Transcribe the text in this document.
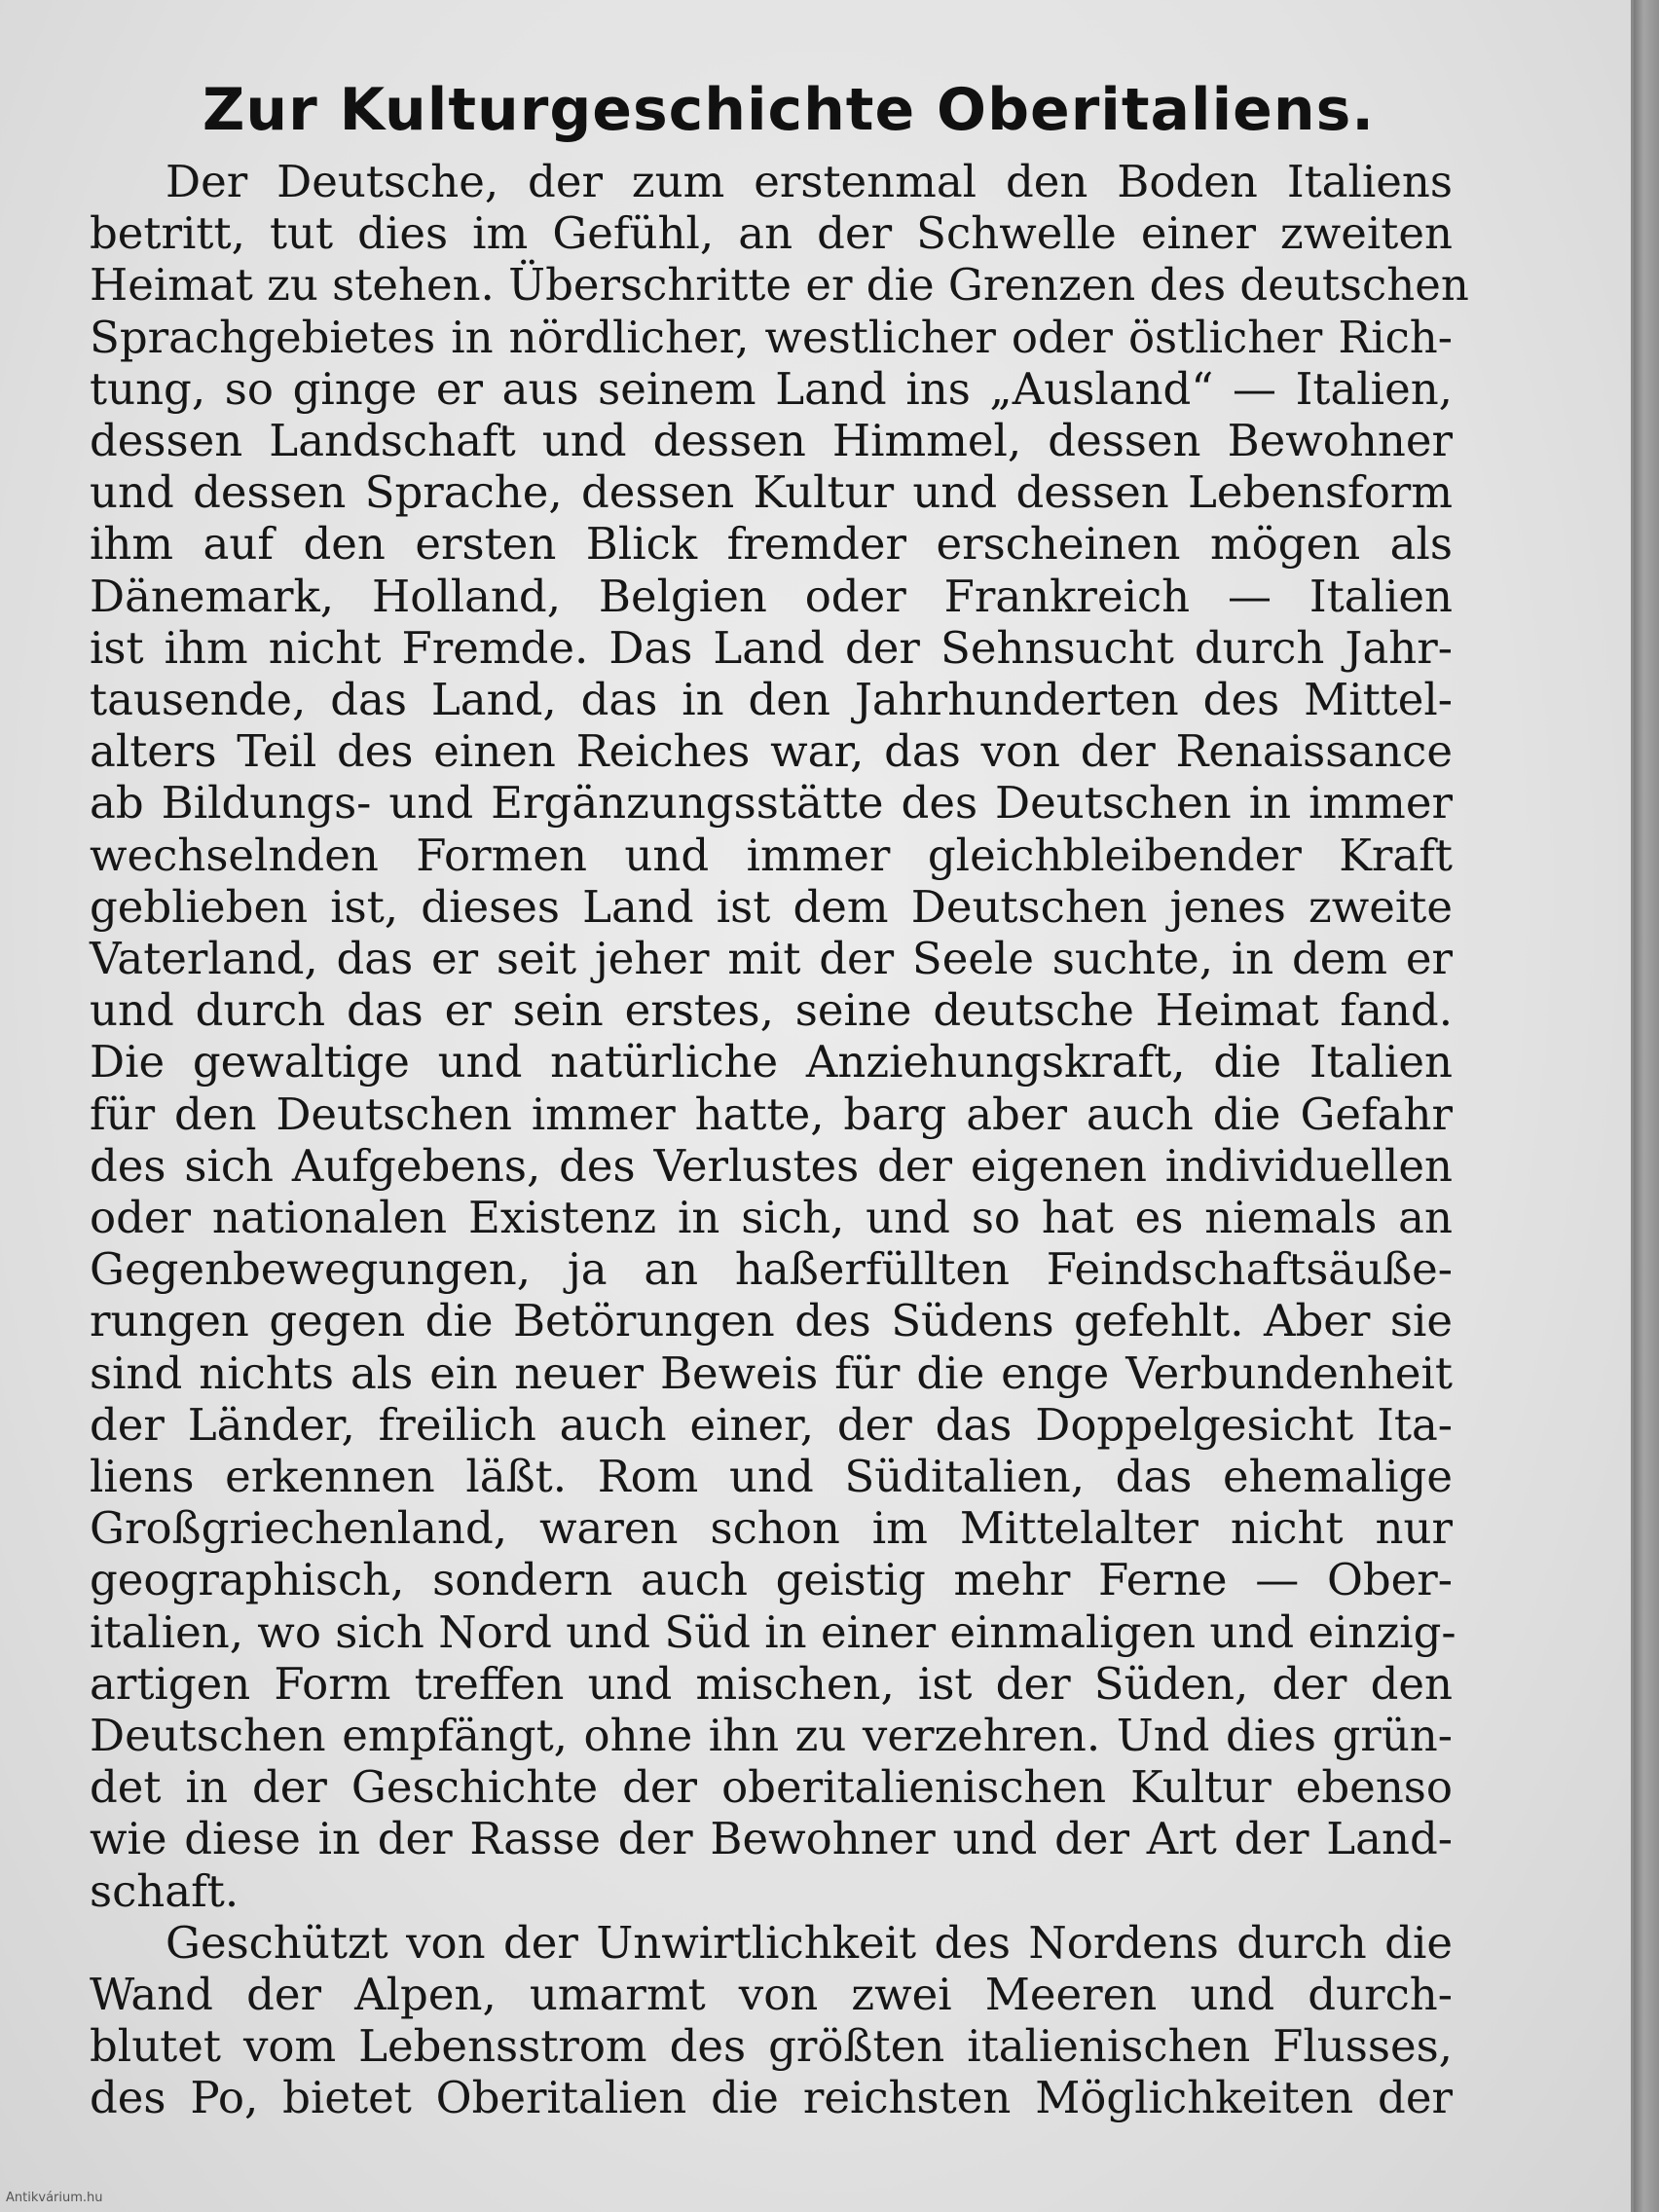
Zur Kulturgeschichte Oberitaliens.
Der Deutsche, der zum erstenmal den Boden Italiens
betritt, tut dies im Gefühl, an der Schwelle einer zweiten
Heimat zu stehen. Überschritte er die Grenzen des deutschen
Sprachgebietes in nördlicher, westlicher oder östlicher Rich-
tung, so ginge er aus seinem Land ins „Ausland“ — Italien,
dessen Landschaft und dessen Himmel, dessen Bewohner
und dessen Sprache, dessen Kultur und dessen Lebensform
ihm auf den ersten Blick fremder erscheinen mögen als
Dänemark, Holland, Belgien oder Frankreich — Italien
ist ihm nicht Fremde. Das Land der Sehnsucht durch Jahr-
tausende, das Land, das in den Jahrhunderten des Mittel-
alters Teil des einen Reiches war, das von der Renaissance
ab Bildungs- und Ergänzungsstätte des Deutschen in immer
wechselnden Formen und immer gleichbleibender Kraft
geblieben ist, dieses Land ist dem Deutschen jenes zweite
Vaterland, das er seit jeher mit der Seele suchte, in dem er
und durch das er sein erstes, seine deutsche Heimat fand.
Die gewaltige und natürliche Anziehungskraft, die Italien
für den Deutschen immer hatte, barg aber auch die Gefahr
des sich Aufgebens, des Verlustes der eigenen individuellen
oder nationalen Existenz in sich, und so hat es niemals an
Gegenbewegungen, ja an haßerfüllten Feindschaftsäuße-
rungen gegen die Betörungen des Südens gefehlt. Aber sie
sind nichts als ein neuer Beweis für die enge Verbundenheit
der Länder, freilich auch einer, der das Doppelgesicht Ita-
liens erkennen läßt. Rom und Süditalien, das ehemalige
Großgriechenland, waren schon im Mittelalter nicht nur
geographisch, sondern auch geistig mehr Ferne — Ober-
italien, wo sich Nord und Süd in einer einmaligen und einzig-
artigen Form treffen und mischen, ist der Süden, der den
Deutschen empfängt, ohne ihn zu verzehren. Und dies grün-
det in der Geschichte der oberitalienischen Kultur ebenso
wie diese in der Rasse der Bewohner und der Art der Land-
schaft.
Geschützt von der Unwirtlichkeit des Nordens durch die
Wand der Alpen, umarmt von zwei Meeren und durch-
blutet vom Lebensstrom des größten italienischen Flusses,
des Po, bietet Oberitalien die reichsten Möglichkeiten der
Antikvárium.hu
